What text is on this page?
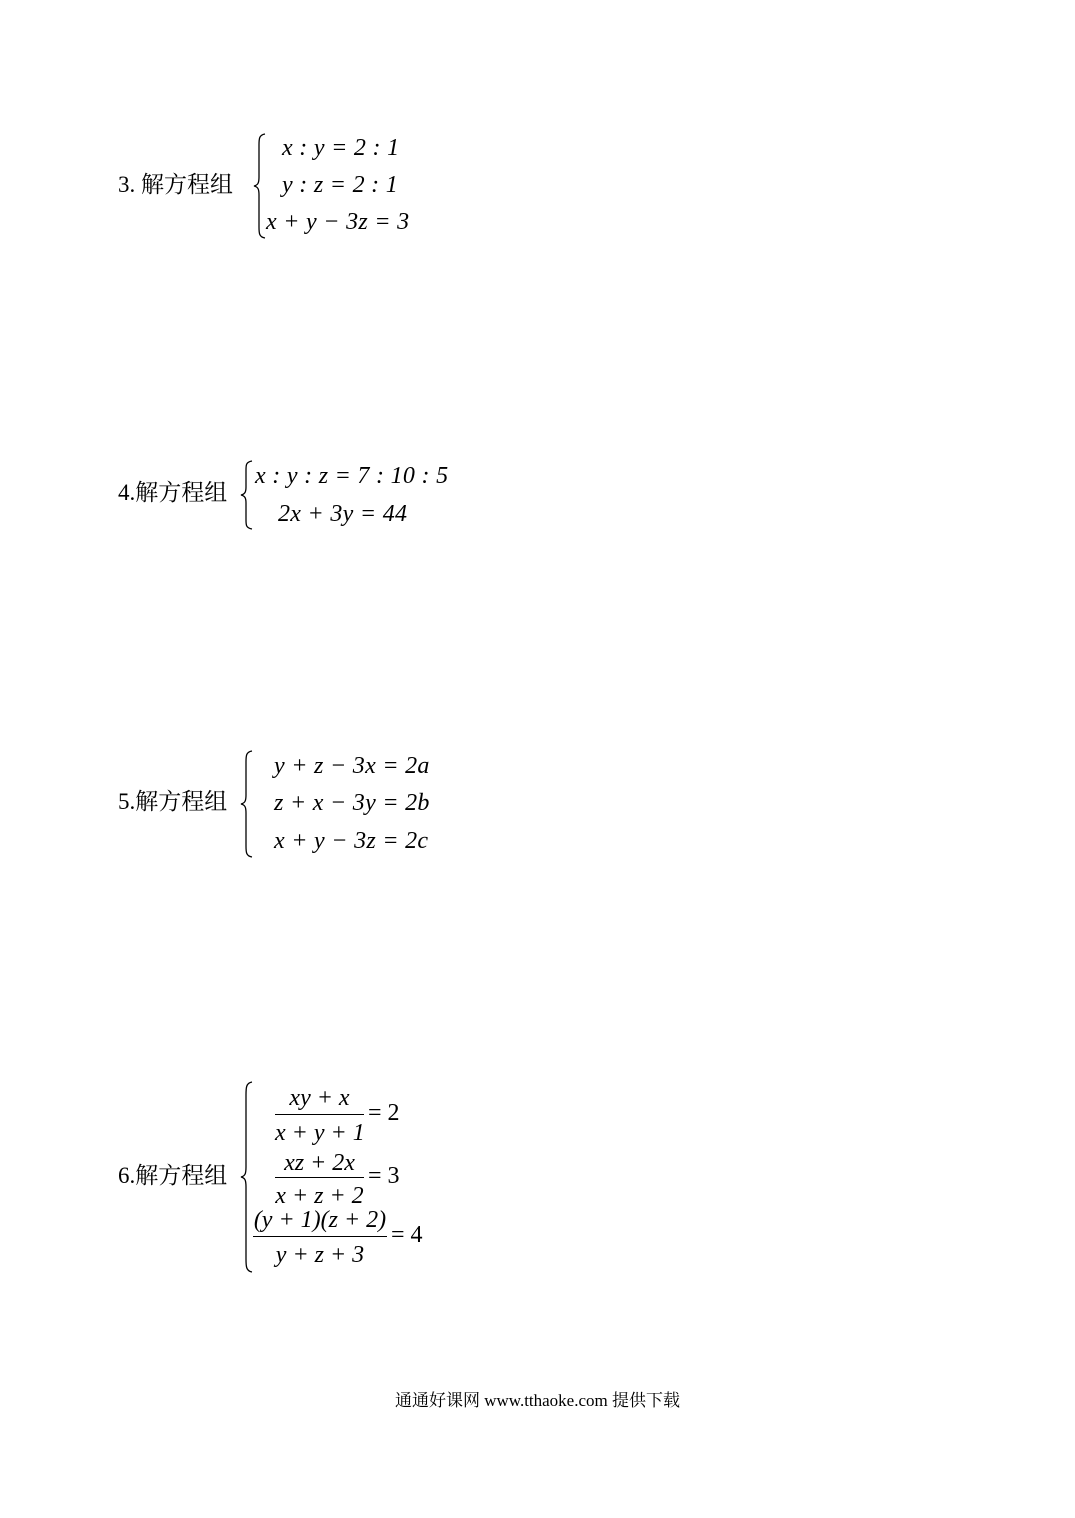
3. 解方程组
x : y = 2 : 1
y : z = 2 : 1
x + y − 3z = 3
4.解方程组
x : y : z = 7 : 10 : 5
2x + 3y = 44
5.解方程组
y + z − 3x = 2a
z + x − 3y = 2b
x + y − 3z = 2c
6.解方程组
xy + x
x + y + 1
= 2
xz + 2x
x + z + 2
= 3
(y + 1)(z + 2)
y + z + 3
= 4
通通好课网 www.tthaoke.com 提供下载
